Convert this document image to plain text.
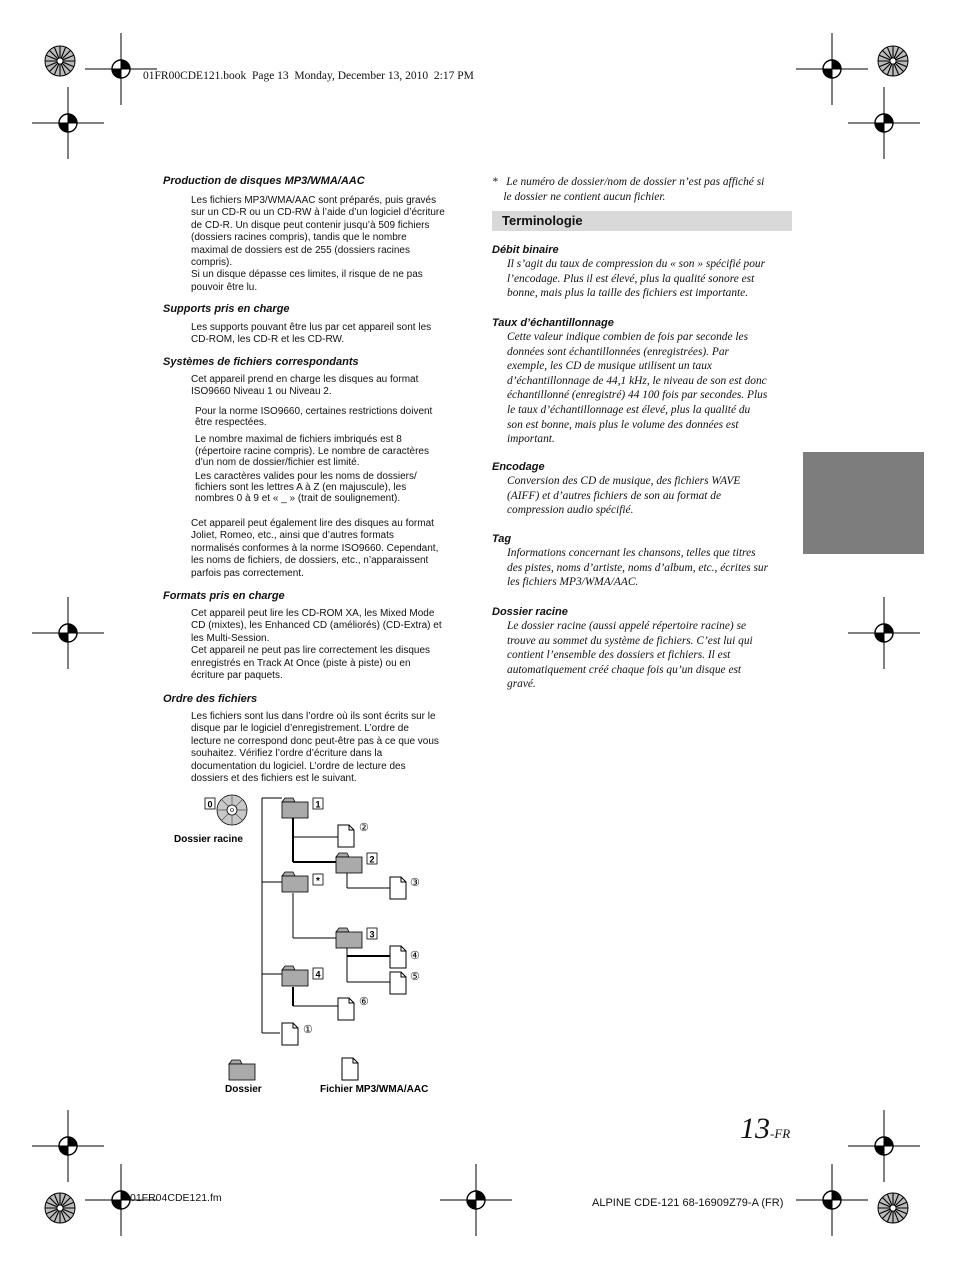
01FR00CDE121.book  Page 13  Monday, December 13, 2010  2:17 PM
Production de disques MP3/WMA/AAC
Les fichiers MP3/WMA/AAC sont préparés, puis gravés
sur un CD-R ou un CD-RW à l’aide d’un logiciel d’écriture
de CD-R. Un disque peut contenir jusqu’à 509 fichiers
(dossiers racines compris), tandis que le nombre
maximal de dossiers est de 255 (dossiers racines
compris).
Si un disque dépasse ces limites, il risque de ne pas
pouvoir être lu.
Supports pris en charge
Les supports pouvant être lus par cet appareil sont les
CD-ROM, les CD-R et les CD-RW.
Systèmes de fichiers correspondants
Cet appareil prend en charge les disques au format
ISO9660 Niveau 1 ou Niveau 2.
Pour la norme ISO9660, certaines restrictions doivent
être respectées.
Le nombre maximal de fichiers imbriqués est 8
(répertoire racine compris). Le nombre de caractères
d’un nom de dossier/fichier est limité.
Les caractères valides pour les noms de dossiers/
fichiers sont les lettres A à Z (en majuscule), les
nombres 0 à 9 et « _ » (trait de soulignement).
Cet appareil peut également lire des disques au format
Joliet, Romeo, etc., ainsi que d’autres formats
normalisés conformes à la norme ISO9660. Cependant,
les noms de fichiers, de dossiers, etc., n’apparaissent
parfois pas correctement.
Formats pris en charge
Cet appareil peut lire les CD-ROM XA, les Mixed Mode
CD (mixtes), les Enhanced CD (améliorés) (CD-Extra) et
les Multi-Session.
Cet appareil ne peut pas lire correctement les disques
enregistrés en Track At Once (piste à piste) ou en
écriture par paquets.
Ordre des fichiers
Les fichiers sont lus dans l’ordre où ils sont écrits sur le
disque par le logiciel d’enregistrement. L’ordre de
lecture ne correspond donc peut-être pas à ce que vous
souhaitez. Vérifiez l’ordre d’écriture dans la
documentation du logiciel. L’ordre de lecture des
dossiers et des fichiers est le suivant.
0	1
2
*
3
4
②
③
④
⑤
⑥
①
Dossier racine
Dossier	Fichier MP3/WMA/AAC
*   Le numéro de dossier/nom de dossier n’est pas affiché si
le dossier ne contient aucun fichier.
Terminologie
Débit binaire
Il s’agit du taux de compression du « son » spécifié pour
l’encodage. Plus il est élevé, plus la qualité sonore est
bonne, mais plus la taille des fichiers est importante.
Taux d’échantillonnage
Cette valeur indique combien de fois par seconde les
données sont échantillonnées (enregistrées). Par
exemple, les CD de musique utilisent un taux
d’échantillonnage de 44,1 kHz, le niveau de son est donc
échantillonné (enregistré) 44 100 fois par secondes. Plus
le taux d’échantillonnage est élevé, plus la qualité du
son est bonne, mais plus le volume des données est
important.
Encodage
Conversion des CD de musique, des fichiers WAVE
(AIFF) et d’autres fichiers de son au format de
compression audio spécifié.
Tag
Informations concernant les chansons, telles que titres
des pistes, noms d’artiste, noms d’album, etc., écrites sur
les fichiers MP3/WMA/AAC.
Dossier racine
Le dossier racine (aussi appelé répertoire racine) se
trouve au sommet du système de fichiers. C’est lui qui
contient l’ensemble des dossiers et fichiers. Il est
automatiquement créé chaque fois qu’un disque est
gravé.
13-FR
01FR04CDE121.fm	ALPINE CDE-121 68-16909Z79-A (FR)
